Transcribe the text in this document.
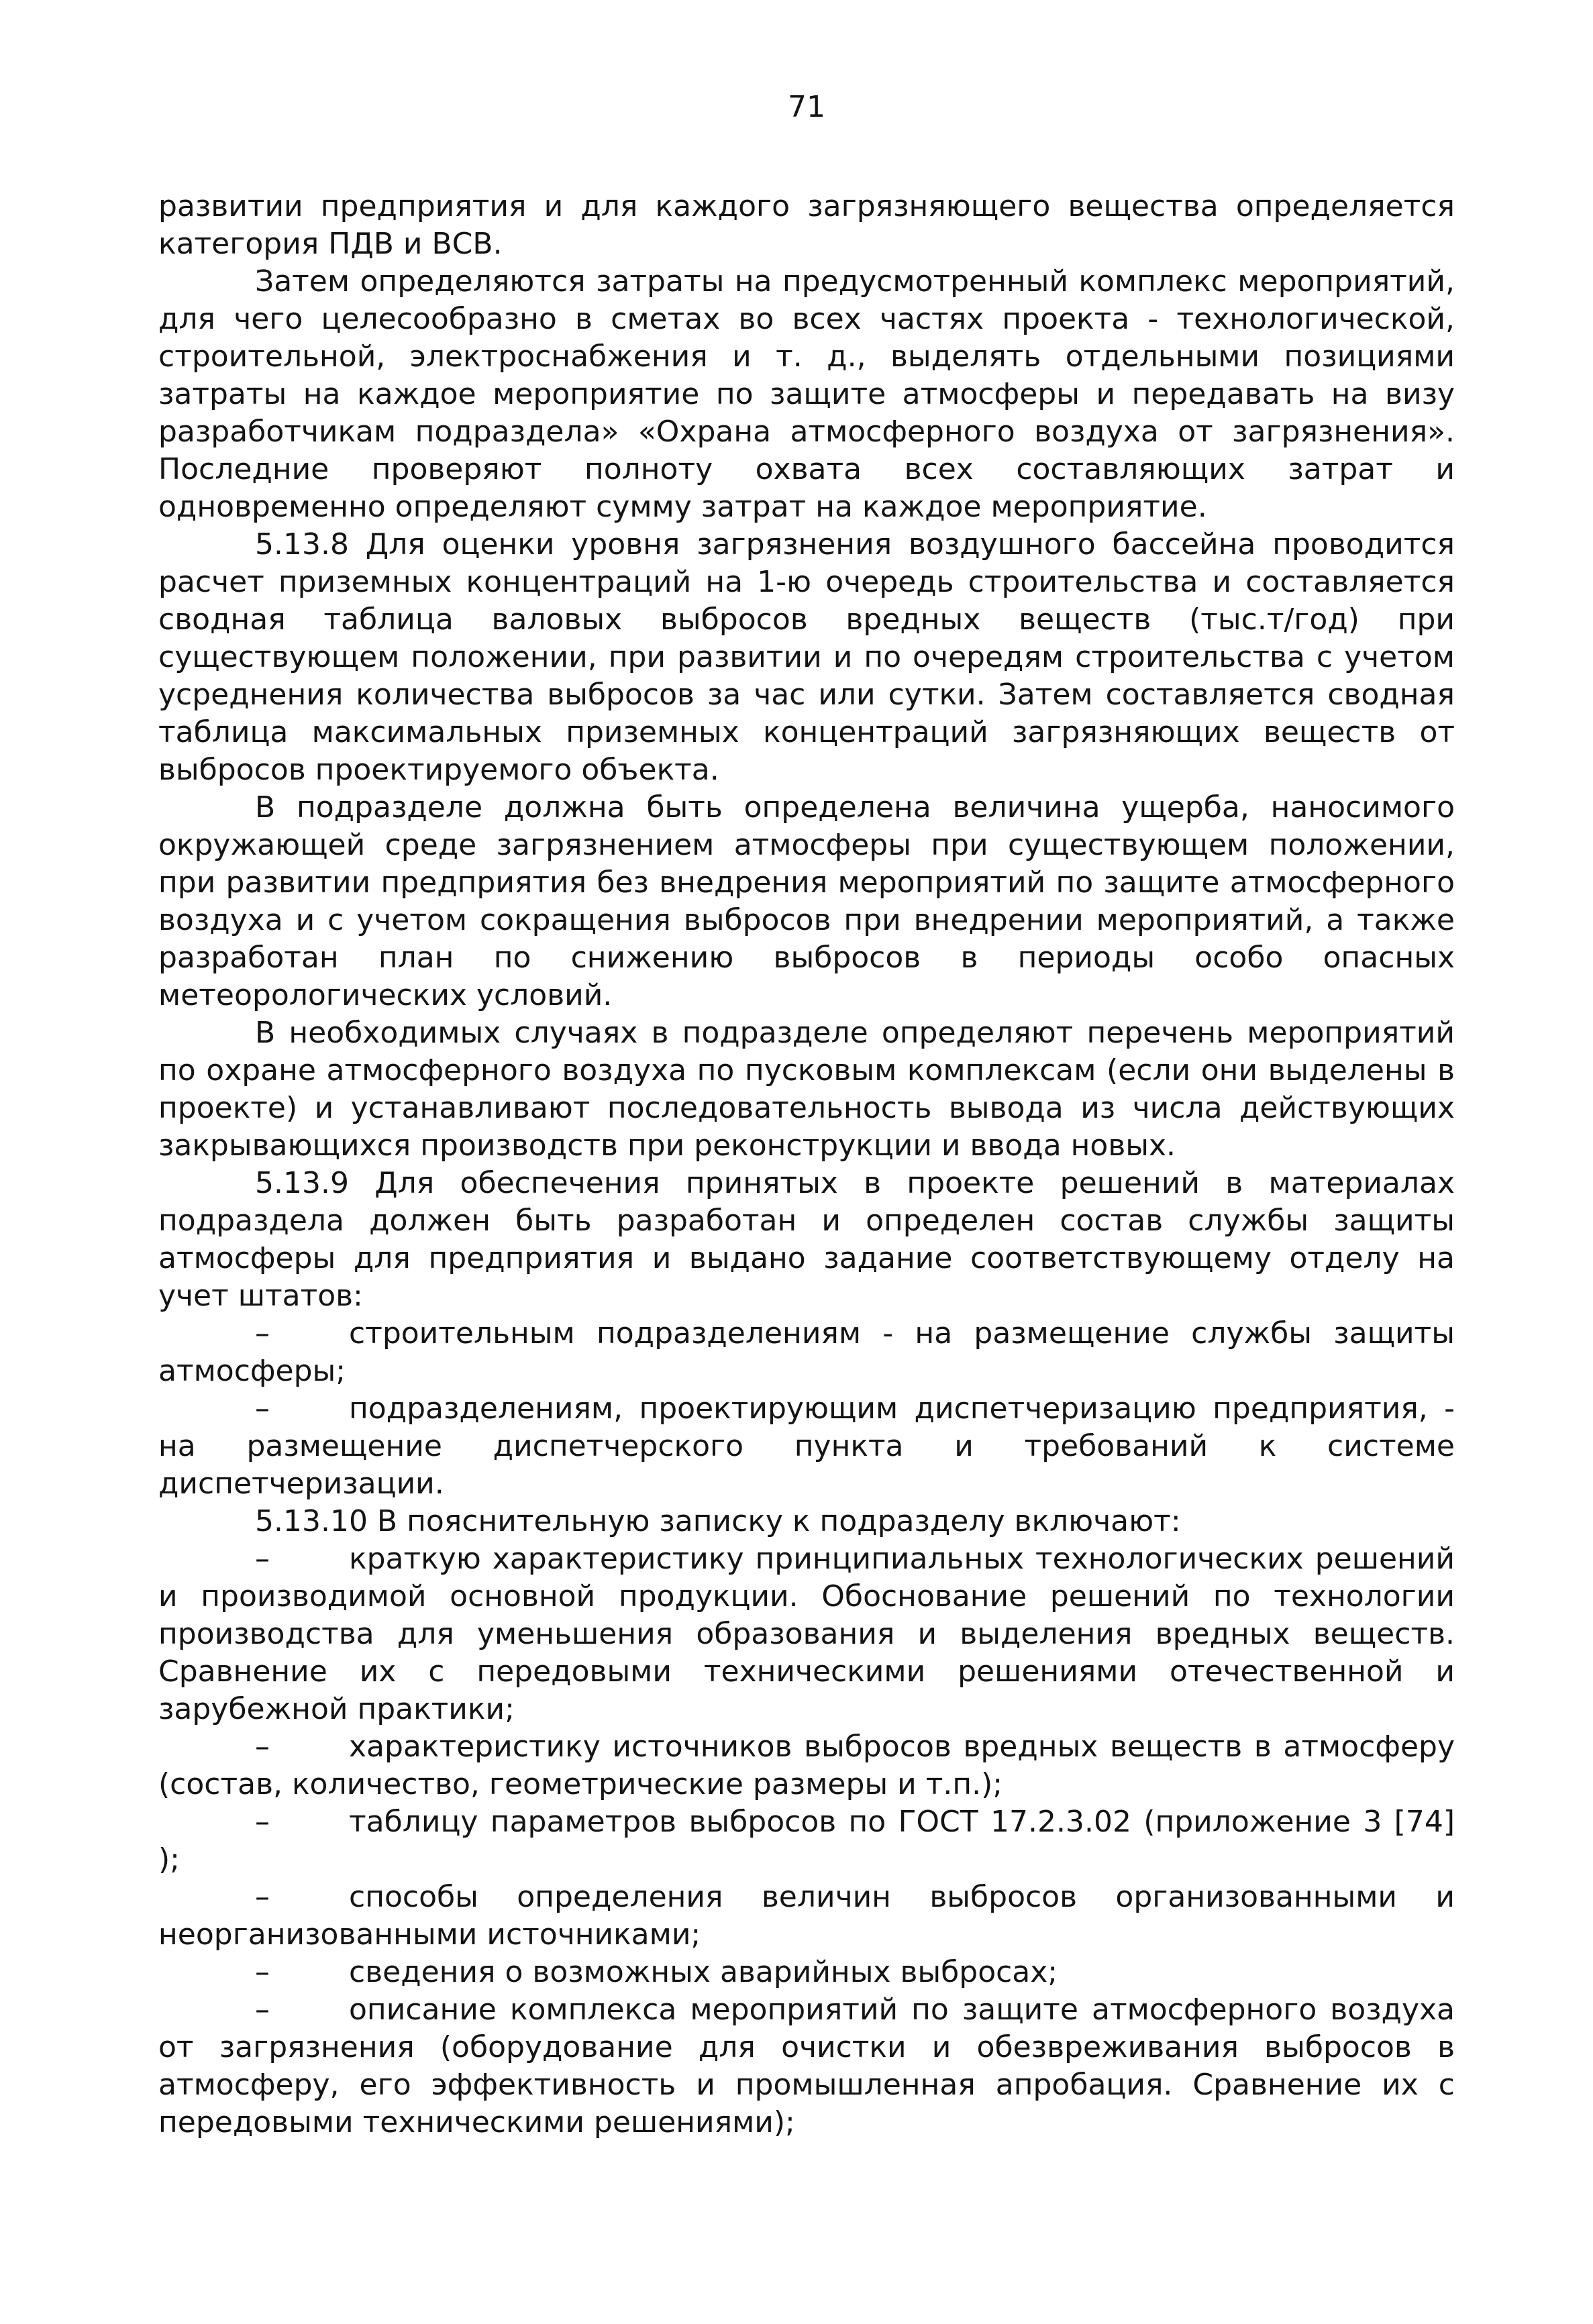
71

развитии предприятия и для каждого загрязняющего вещества определяется категория ПДВ и ВСВ.

Затем определяются затраты на предусмотренный комплекс мероприятий, для чего целесообразно в сметах во всех частях проекта - технологической, строительной, электроснабжения и т. д., выделять отдельными позициями затраты на каждое мероприятие по защите атмосферы и передавать на визу разработчикам подраздела» «Охрана атмосферного воздуха от загрязнения». Последние проверяют полноту охвата всех составляющих затрат и одновременно определяют сумму затрат на каждое мероприятие.

5.13.8 Для оценки уровня загрязнения воздушного бассейна проводится расчет приземных концентраций на 1-ю очередь строительства и составляется сводная таблица валовых выбросов вредных веществ (тыс.т/год) при существующем положении, при развитии и по очередям строительства с учетом усреднения количества выбросов за час или сутки. Затем составляется сводная таблица максимальных приземных концентраций загрязняющих веществ от выбросов проектируемого объекта.

В подразделе должна быть определена величина ущерба, наносимого окружающей среде загрязнением атмосферы при существующем положении, при развитии предприятия без внедрения мероприятий по защите атмосферного воздуха и с учетом сокращения выбросов при внедрении мероприятий, а также разработан план по снижению выбросов в периоды особо опасных метеорологических условий.

В необходимых случаях в подразделе определяют перечень мероприятий по охране атмосферного воздуха по пусковым комплексам (если они выделены в проекте) и устанавливают последовательность вывода из числа действующих закрывающихся производств при реконструкции и ввода новых.

5.13.9 Для обеспечения принятых в проекте решений в материалах подраздела должен быть разработан и определен состав службы защиты атмосферы для предприятия и выдано задание соответствующему отделу на учет штатов:

–	строительным подразделениям - на размещение службы защиты атмосферы;

–	подразделениям, проектирующим диспетчеризацию предприятия, - на размещение диспетчерского пункта и требований к системе диспетчеризации.

5.13.10 В пояснительную записку к подразделу включают:

–	краткую характеристику принципиальных технологических решений и производимой основной продукции. Обоснование решений по технологии производства для уменьшения образования и выделения вредных веществ. Сравнение их с передовыми техническими решениями отечественной и зарубежной практики;

–	характеристику источников выбросов вредных веществ в атмосферу (состав, количество, геометрические размеры и т.п.);

–	таблицу параметров выбросов по ГОСТ 17.2.3.02 (приложение 3 [74] );

–	способы определения величин выбросов организованными и неорганизованными источниками;

–	сведения о возможных аварийных выбросах;

–	описание комплекса мероприятий по защите атмосферного воздуха от загрязнения (оборудование для очистки и обезвреживания выбросов в атмосферу, его эффективность и промышленная апробация. Сравнение их с передовыми техническими решениями);
